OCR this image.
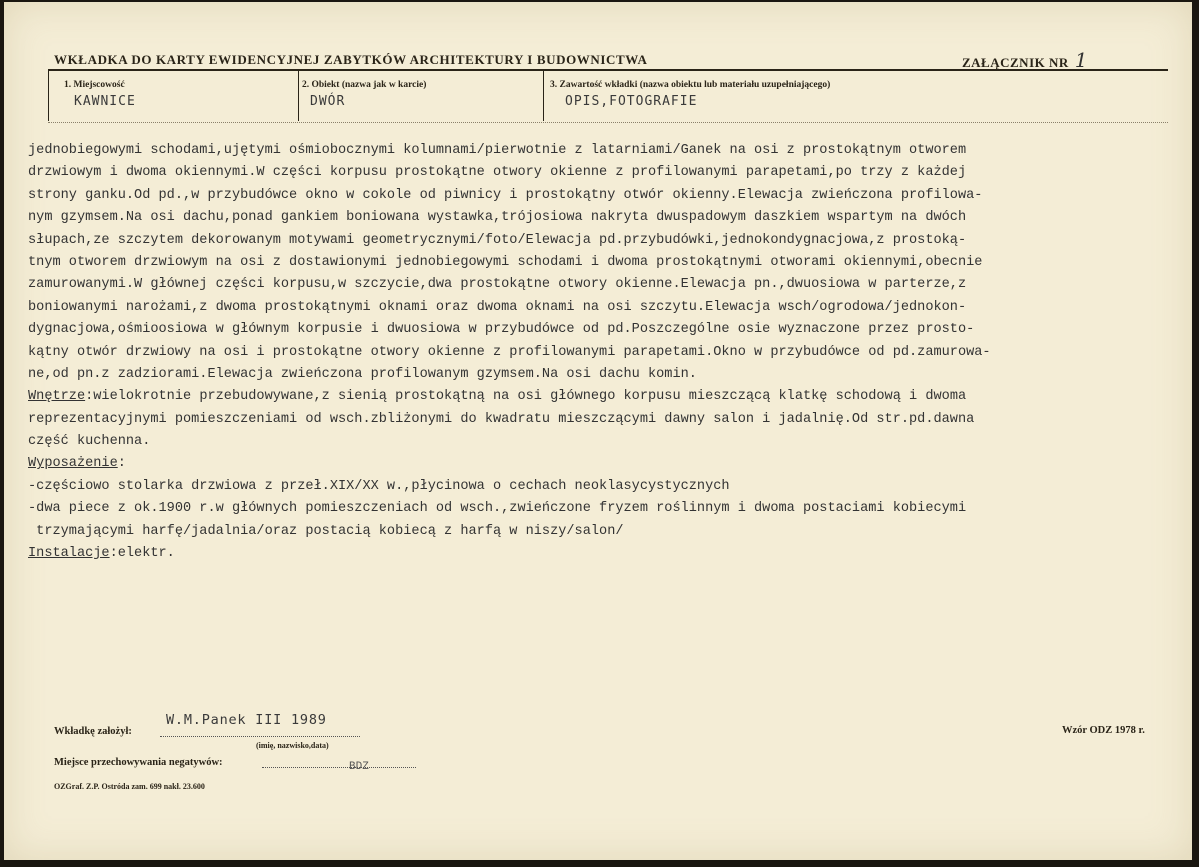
WKŁADKA DO KARTY EWIDENCYJNEJ ZABYTKÓW ARCHITEKTURY I BUDOWNICTWA	ZAŁĄCZNIK NR 1
1. Miejscowość
KAWNICE
2. Obiekt (nazwa jak w karcie)
DWÓR
3. Zawartość wkładki (nazwa obiektu lub materiału uzupełniającego)
OPIS,FOTOGRAFIE
jednobiegowymi schodami,ujętymi ośmiobocznymi kolumnami/pierwotnie z latarniami/Ganek na osi z prostokątnym otworem
drzwiowym i dwoma okiennymi.W części korpusu prostokątne otwory okienne z profilowanymi parapetami,po trzy z każdej
strony ganku.Od pd.,w przybudówce okno w cokole od piwnicy i prostokątny otwór okienny.Elewacja zwieńczona profilowa-
nym gzymsem.Na osi dachu,ponad gankiem boniowana wystawka,trójosiowa nakryta dwuspadowym daszkiem wspartym na dwóch
słupach,ze szczytem dekorowanym motywami geometrycznymi/foto/Elewacja pd.przybudówki,jednokondygnacjowa,z prostoką-
tnym otworem drzwiowym na osi z dostawionymi jednobiegowymi schodami i dwoma prostokątnymi otworami okiennymi,obecnie
zamurowanymi.W głównej części korpusu,w szczycie,dwa prostokątne otwory okienne.Elewacja pn.,dwuosiowa w parterze,z
boniowanymi narożami,z dwoma prostokątnymi oknami oraz dwoma oknami na osi szczytu.Elewacja wsch/ogrodowa/jednokon-
dygnacjowa,ośmioosiowa w głównym korpusie i dwuosiowa w przybudówce od pd.Poszczególne osie wyznaczone przez prosto-
kątny otwór drzwiowy na osi i prostokątne otwory okienne z profilowanymi parapetami.Okno w przybudówce od pd.zamurowa-
ne,od pn.z zadziorami.Elewacja zwieńczona profilowanym gzymsem.Na osi dachu komin.
Wnętrze:wielokrotnie przebudowywane,z sienią prostokątną na osi głównego korpusu mieszczącą klatkę schodową i dwoma
reprezentacyjnymi pomieszczeniami od wsch.zbliżonymi do kwadratu mieszczącymi dawny salon i jadalnię.Od str.pd.dawna
część kuchenna.
Wyposażenie:
-częściowo stolarka drzwiowa z przeł.XIX/XX w.,płycinowa o cechach neoklasycystycznych
-dwa piece z ok.1900 r.w głównych pomieszczeniach od wsch.,zwieńczone fryzem roślinnym i dwoma postaciami kobiecymi
trzymającymi harfę/jadalnia/oraz postacią kobiecą z harfą w niszy/salon/
Instalacje:elektr.
Wkładkę założył:
W.M.Panek III 1989
(imię, nazwisko,data)
Miejsce przechowywania negatywów:	BDZ
OZGraf. Z.P. Ostróda zam. 699 nakł. 23.600
Wzór ODZ 1978 r.
